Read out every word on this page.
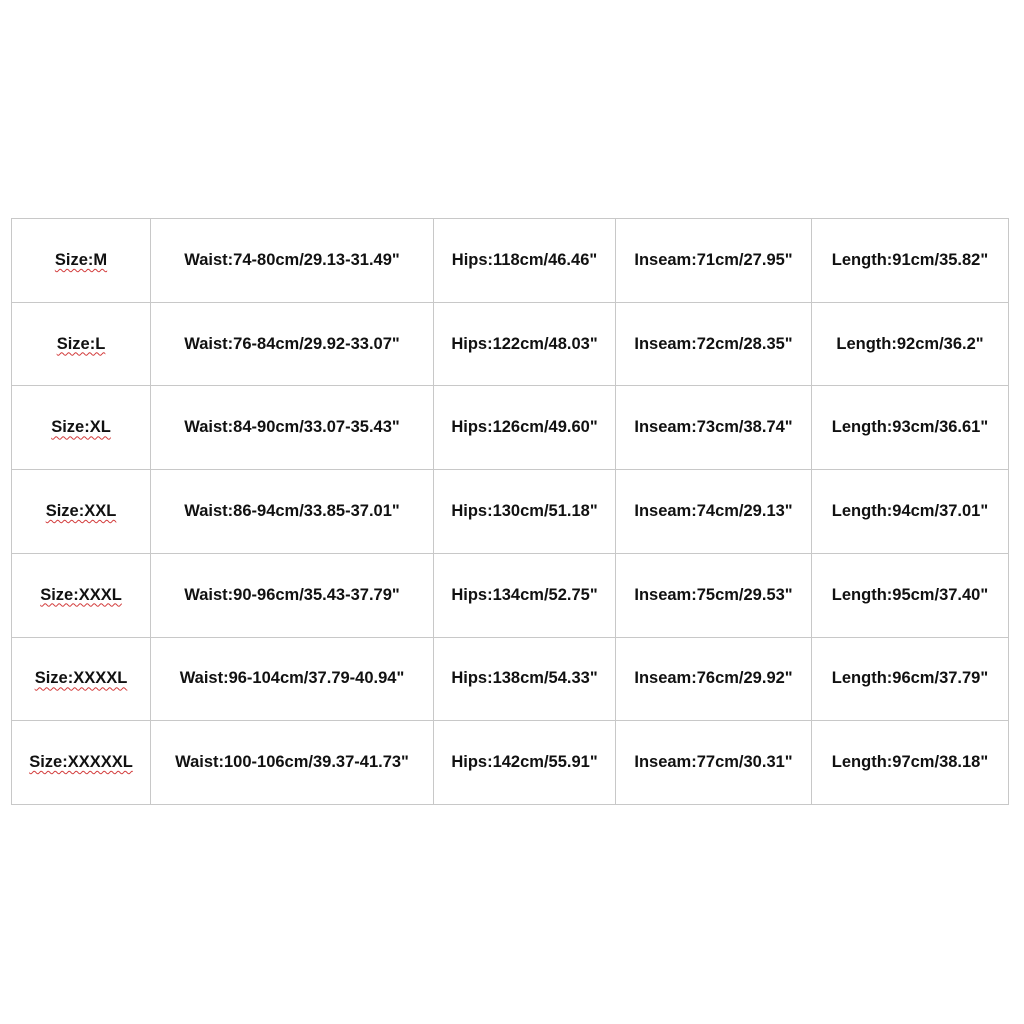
Size:M	Waist:74-80cm/29.13-31.49"	Hips:118cm/46.46"	Inseam:71cm/27.95"	Length:91cm/35.82"
Size:L	Waist:76-84cm/29.92-33.07"	Hips:122cm/48.03"	Inseam:72cm/28.35"	Length:92cm/36.2"
Size:XL	Waist:84-90cm/33.07-35.43"	Hips:126cm/49.60"	Inseam:73cm/38.74"	Length:93cm/36.61"
Size:XXL	Waist:86-94cm/33.85-37.01"	Hips:130cm/51.18"	Inseam:74cm/29.13"	Length:94cm/37.01"
Size:XXXL	Waist:90-96cm/35.43-37.79"	Hips:134cm/52.75"	Inseam:75cm/29.53"	Length:95cm/37.40"
Size:XXXXL	Waist:96-104cm/37.79-40.94"	Hips:138cm/54.33"	Inseam:76cm/29.92"	Length:96cm/37.79"
Size:XXXXXL	Waist:100-106cm/39.37-41.73"	Hips:142cm/55.91"	Inseam:77cm/30.31"	Length:97cm/38.18"
